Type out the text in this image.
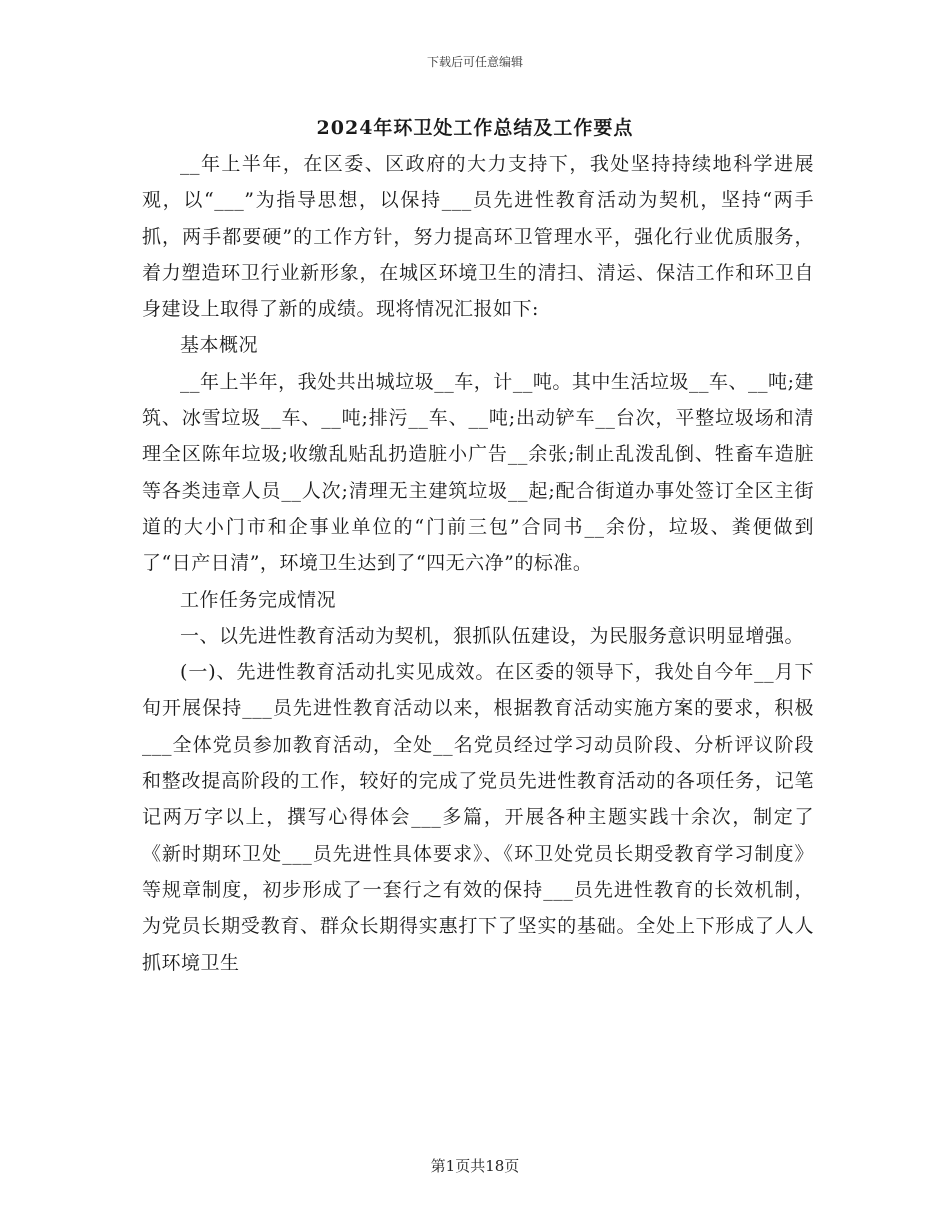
下载后可任意编辑
2024年环卫处工作总结及工作要点

__年上半年，在区委、区政府的大力支持下，我处坚持持续地科学进展观，以“___”为指导思想，以保持___员先进性教育活动为契机，坚持“两手抓，两手都要硬”的工作方针，努力提高环卫管理水平，强化行业优质服务，着力塑造环卫行业新形象，在城区环境卫生的清扫、清运、保洁工作和环卫自身建设上取得了新的成绩。现将情况汇报如下:

基本概况

__年上半年，我处共出城垃圾__车，计__吨。其中生活垃圾__车、__吨;建筑、冰雪垃圾__车、__吨;排污__车、__吨;出动铲车__台次，平整垃圾场和清理全区陈年垃圾;收缴乱贴乱扔造脏小广告__余张;制止乱泼乱倒、牲畜车造脏等各类违章人员__人次;清理无主建筑垃圾__起;配合街道办事处签订全区主街道的大小门市和企事业单位的“门前三包”合同书__余份，垃圾、粪便做到了“日产日清”，环境卫生达到了“四无六净”的标准。

工作任务完成情况

一、以先进性教育活动为契机，狠抓队伍建设，为民服务意识明显增强。

(一)、先进性教育活动扎实见成效。在区委的领导下，我处自今年__月下旬开展保持___员先进性教育活动以来，根据教育活动实施方案的要求，积极___全体党员参加教育活动，全处__名党员经过学习动员阶段、分析评议阶段和整改提高阶段的工作，较好的完成了党员先进性教育活动的各项任务，记笔记两万字以上，撰写心得体会___多篇，开展各种主题实践十余次，制定了《新时期环卫处___员先进性具体要求》、《环卫处党员长期受教育学习制度》等规章制度，初步形成了一套行之有效的保持___员先进性教育的长效机制，为党员长期受教育、群众长期得实惠打下了坚实的基础。全处上下形成了人人抓环境卫生

第1页共18页
